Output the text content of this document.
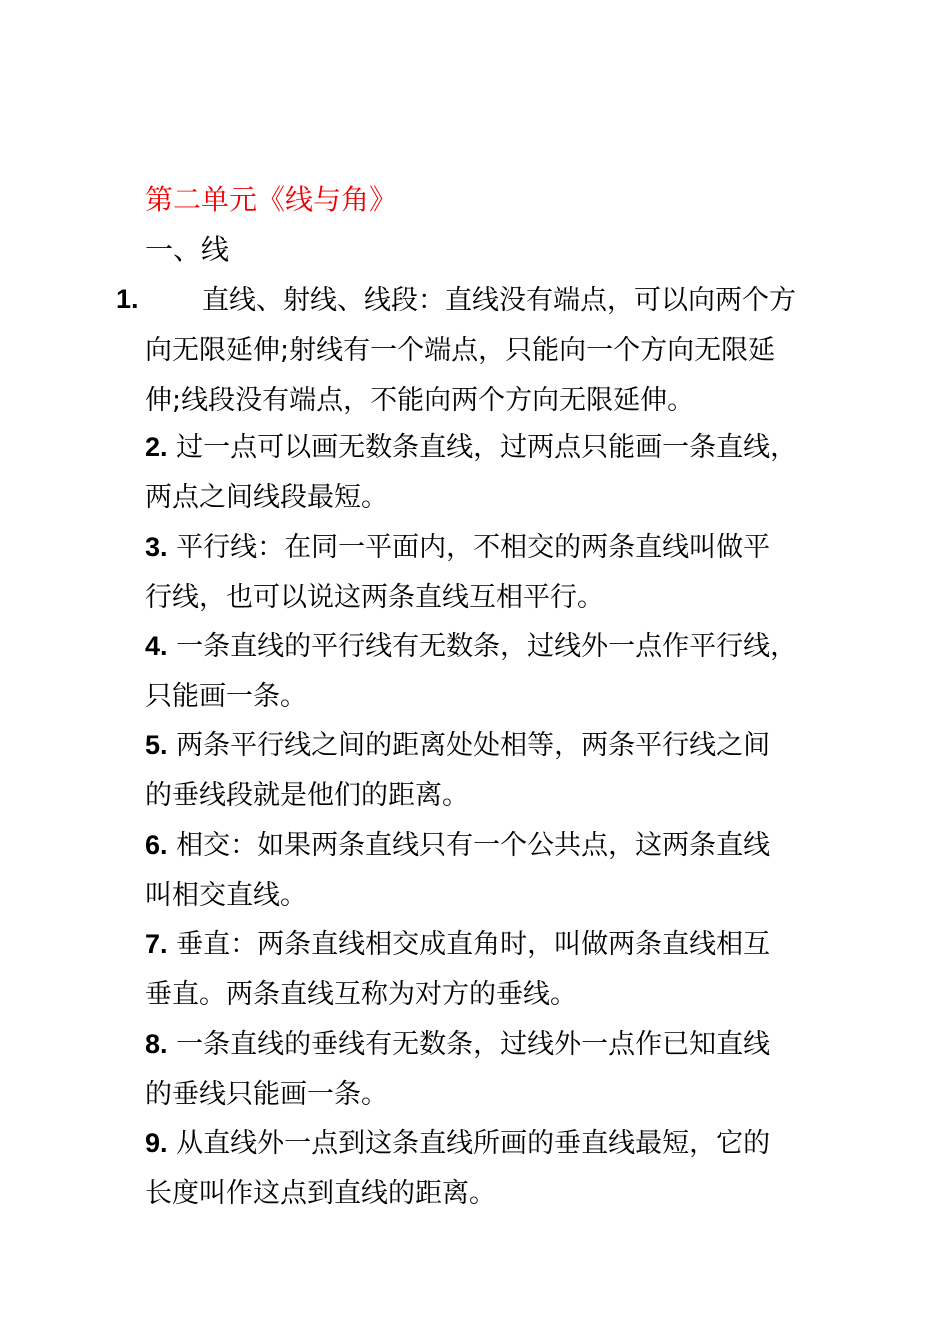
第二单元《线与角》
一、线
1.	直线、射线、线段：直线没有端点，可以向两个方
向无限延伸;射线有一个端点，只能向一个方向无限延
伸;线段没有端点，不能向两个方向无限延伸。
2. 过一点可以画无数条直线，过两点只能画一条直线，
两点之间线段最短。
3. 平行线：在同一平面内，不相交的两条直线叫做平
行线，也可以说这两条直线互相平行。
4. 一条直线的平行线有无数条，过线外一点作平行线，
只能画一条。
5. 两条平行线之间的距离处处相等，两条平行线之间
的垂线段就是他们的距离。
6. 相交：如果两条直线只有一个公共点，这两条直线
叫相交直线。
7. 垂直：两条直线相交成直角时，叫做两条直线相互
垂直。两条直线互称为对方的垂线。
8. 一条直线的垂线有无数条，过线外一点作已知直线
的垂线只能画一条。
9. 从直线外一点到这条直线所画的垂直线最短，它的
长度叫作这点到直线的距离。
